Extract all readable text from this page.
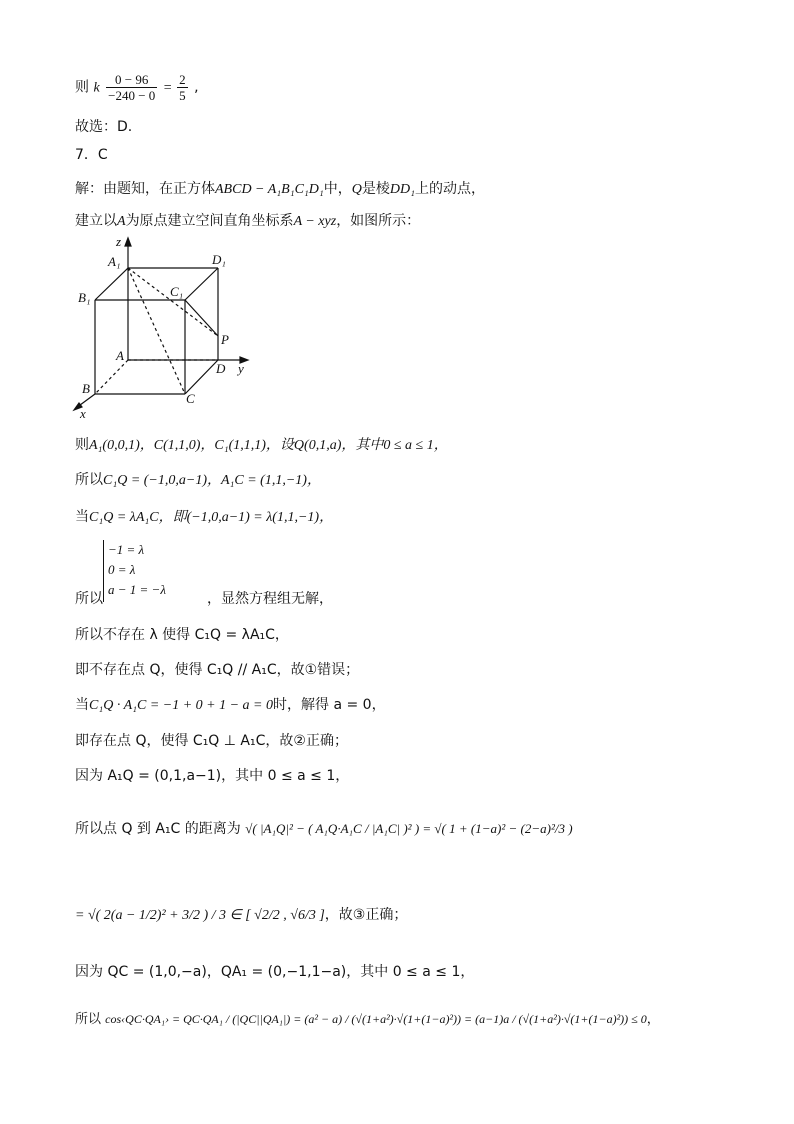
则 k $\frac{0 - 96}{-240 - 0} = \frac{2}{5}$ ,
故选：D.
7．C
解：由题知，在正方体ABCD − A₁B₁C₁D₁中，Q是棱DD₁上的动点，
建立以A为原点建立空间直角坐标系A − xyz，如图所示：
z
y
x
A₁	D₁
B₁	C₁
A
B
C
D
P
则A₁(0,0,1)，C(1,1,0)，C₁(1,1,1)，设Q(0,1,a)，其中0 ≤ a ≤ 1，
所以C₁Q = (−1,0,a−1)，A₁C = (1,1,−1)，
当C₁Q = λA₁C，即(−1,0,a−1) = λ(1,1,−1)，
−1 = λ
0 = λ
a − 1 = −λ
所以	，显然方程组无解，
所以不存在 λ 使得 C₁Q = λA₁C，
即不存在点 Q，使得 C₁Q // A₁C，故①错误；
当C₁Q · A₁C = −1 + 0 + 1 − a = 0时，解得 a = 0，
即存在点 Q，使得 C₁Q ⊥ A₁C，故②正确；
因为 A₁Q = (0,1,a−1)，其中 0 ≤ a ≤ 1，
所以点 Q 到 A₁C 的距离为 √( |A₁Q|² − ( A₁Q·A₁C / |A₁C| )² ) = √( 1 + (1−a)² − (2−a)²/3 )
= √( 2(a − 1/2)² + 3/2 ) / 3 ∈ [ √2/2 , √6/3 ]，故③正确；
因为 QC = (1,0,−a)，QA₁ = (0,−1,1−a)，其中 0 ≤ a ≤ 1，
所以 cos‹QC·QA₁› = QC·QA₁ / (|QC||QA₁|) = (a² − a) / (√(1+a²)·√(1+(1−a)²)) = (a−1)a / (√(1+a²)·√(1+(1−a)²)) ≤ 0，
